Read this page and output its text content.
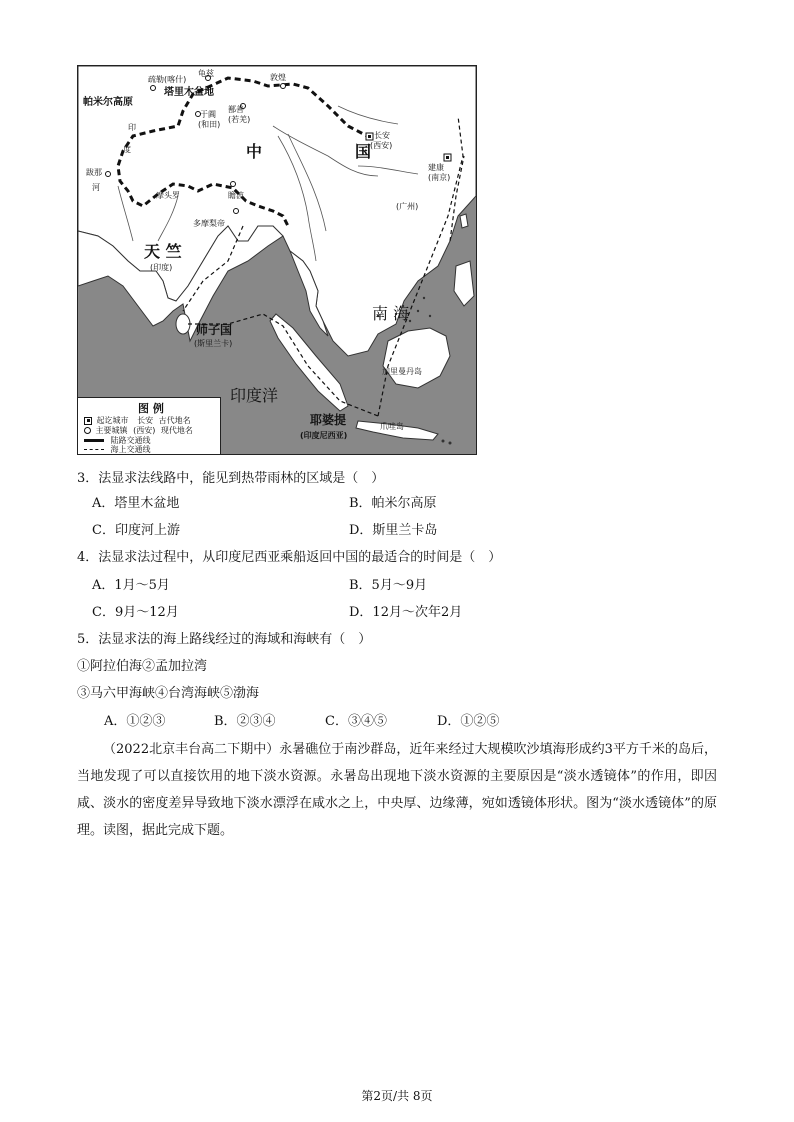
疏勒(喀什)
龟兹
塔里木盆地
帕米尔高原
于阗
(和田)
敦煌
鄯善
(若羌)
长安
(西安)
建康
(南京)
(广州)
中	国
印
度
河
跋那
摩头罗	瞻波
多摩梨帝
天 竺
(印度)
师子国
(斯里兰卡)
印度洋
南 海
加里曼丹岛
耶婆提
(印度尼西亚)
爪哇岛
图 例
起讫城市 长安 古代地名
主要城镇 (西安) 现代地名
陆路交通线
海上交通线
3．法显求法线路中，能见到热带雨林的区域是（　）
A．塔里木盆地	B．帕米尔高原
C．印度河上游	D．斯里兰卡岛
4．法显求法过程中，从印度尼西亚乘船返回中国的最适合的时间是（　）
A．1月～5月	B．5月～9月
C．9月～12月	D．12月～次年2月
5．法显求法的海上路线经过的海域和海峡有（　）
①阿拉伯海②孟加拉湾
③马六甲海峡④台湾海峡⑤渤海
A．①②③	B．②③④	C．③④⑤	D．①②⑤
（2022北京丰台高二下期中）永暑礁位于南沙群岛，近年来经过大规模吹沙填海形成约3平方千米的岛后，当地发现了可以直接饮用的地下淡水资源。永暑岛出现地下淡水资源的主要原因是“淡水透镜体”的作用，即因咸、淡水的密度差异导致地下淡水漂浮在咸水之上，中央厚、边缘薄，宛如透镜体形状。图为“淡水透镜体”的原理。读图，据此完成下题。
第2页/共 8页
